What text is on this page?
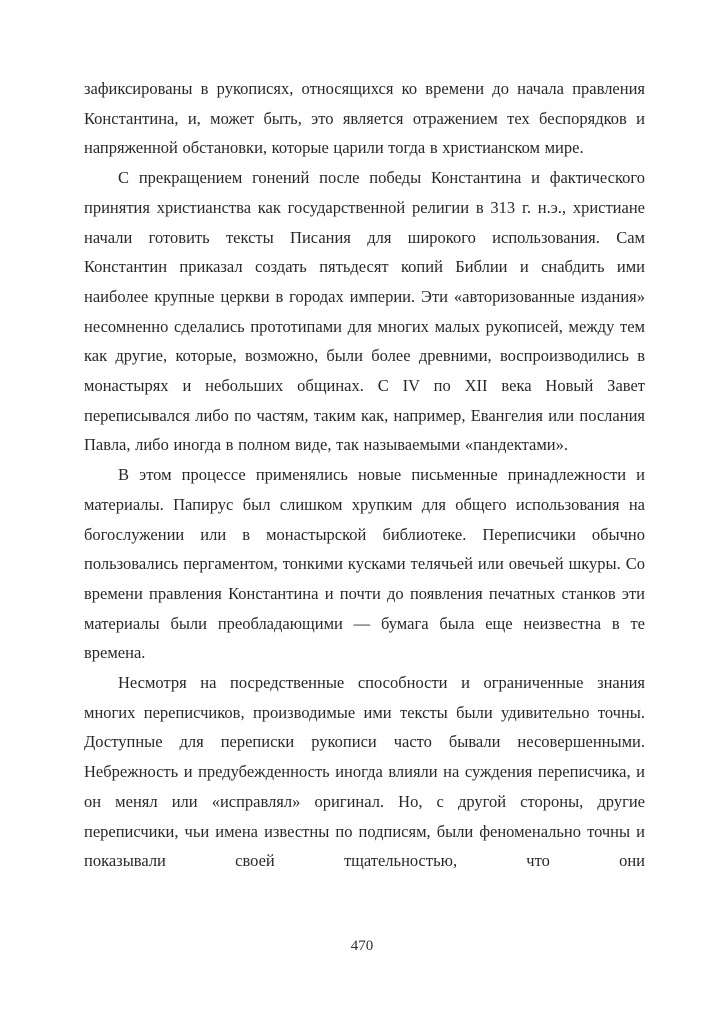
зафиксированы в рукописях, относящихся ко времени до начала правления Константина, и, может быть, это является отражением тех беспорядков и напряженной обстановки, которые царили тогда в христианском мире.

С прекращением гонений после победы Константина и фактического принятия христианства как государственной религии в 313 г. н.э., христиане начали готовить тексты Писания для широкого использования. Сам Константин приказал создать пятьдесят копий Библии и снабдить ими наиболее крупные церкви в городах империи. Эти «авторизованные издания» несомненно сделались прототипами для многих малых рукописей, между тем как другие, которые, возможно, были более древними, воспроизводились в монастырях и небольших общинах. С IV по XII века Новый Завет переписывался либо по частям, таким как, например, Евангелия или послания Павла, либо иногда в полном виде, так называемыми «пандектами».

В этом процессе применялись новые письменные принадлежности и материалы. Папирус был слишком хрупким для общего использования на богослужении или в монастырской библиотеке. Переписчики обычно пользовались пергаментом, тонкими кусками телячьей или овечьей шкуры. Со времени правления Константина и почти до появления печатных станков эти материалы были преобладающими — бумага была еще неизвестна в те времена.

Несмотря на посредственные способности и ограниченные знания многих переписчиков, производимые ими тексты были удивительно точны. Доступные для переписки рукописи часто бывали несовершенными. Небрежность и предубежденность иногда влияли на суждения переписчика, и он менял или «исправлял» оригинал. Но, с другой стороны, другие переписчики, чьи имена известны по подписям, были феноменально точны и показывали своей тщательностью, что они

470
